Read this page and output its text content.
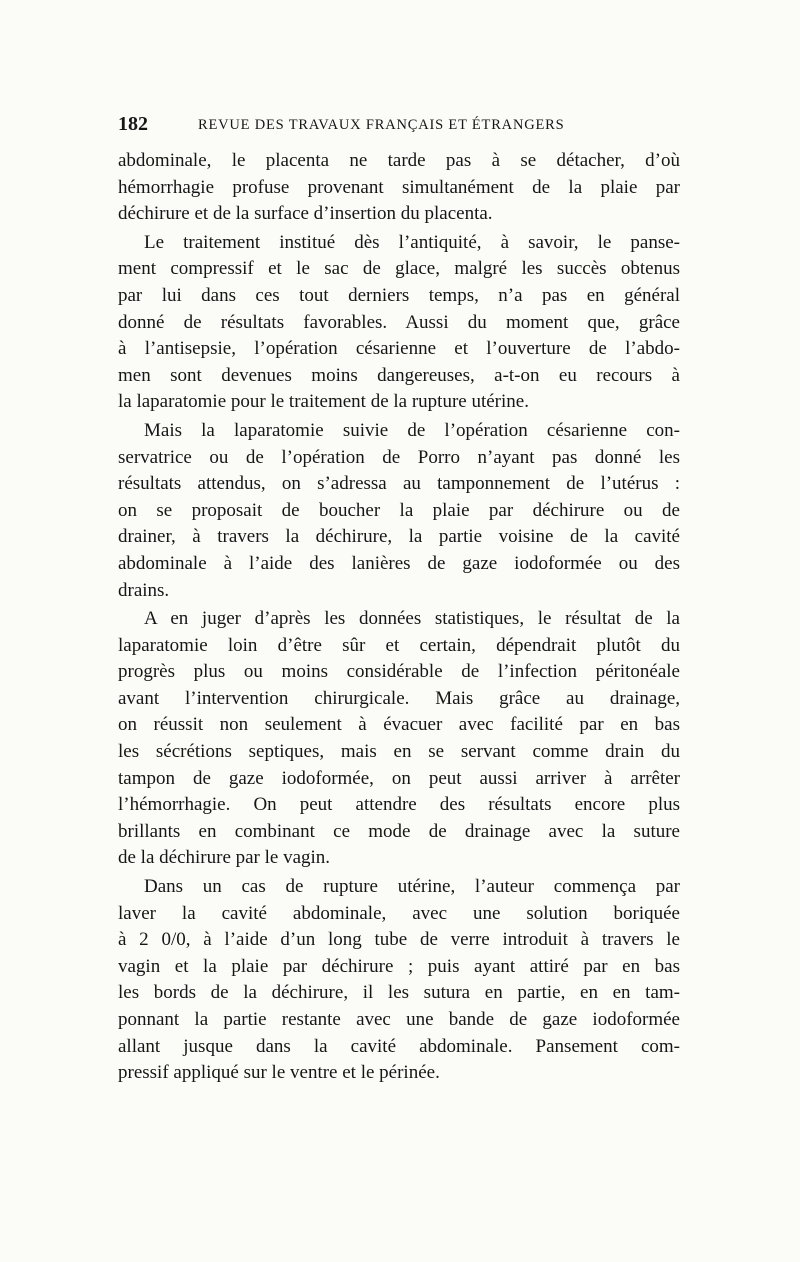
182	REVUE DES TRAVAUX FRANÇAIS ET ÉTRANGERS
abdominale, le placenta ne tarde pas à se détacher, d’où
hémorrhagie profuse provenant simultanément de la plaie par
déchirure et de la surface d’insertion du placenta.
Le traitement institué dès l’antiquité, à savoir, le panse-
ment compressif et le sac de glace, malgré les succès obtenus
par lui dans ces tout derniers temps, n’a pas en général
donné de résultats favorables. Aussi du moment que, grâce
à l’antisepsie, l’opération césarienne et l’ouverture de l’abdo-
men sont devenues moins dangereuses, a-t-on eu recours à
la laparatomie pour le traitement de la rupture utérine.
Mais la laparatomie suivie de l’opération césarienne con-
servatrice ou de l’opération de Porro n’ayant pas donné les
résultats attendus, on s’adressa au tamponnement de l’utérus :
on se proposait de boucher la plaie par déchirure ou de
drainer, à travers la déchirure, la partie voisine de la cavité
abdominale à l’aide des lanières de gaze iodoformée ou des
drains.
A en juger d’après les données statistiques, le résultat de la
laparatomie loin d’être sûr et certain, dépendrait plutôt du
progrès plus ou moins considérable de l’infection péritonéale
avant l’intervention chirurgicale. Mais grâce au drainage,
on réussit non seulement à évacuer avec facilité par en bas
les sécrétions septiques, mais en se servant comme drain du
tampon de gaze iodoformée, on peut aussi arriver à arrêter
l’hémorrhagie. On peut attendre des résultats encore plus
brillants en combinant ce mode de drainage avec la suture
de la déchirure par le vagin.
Dans un cas de rupture utérine, l’auteur commença par
laver la cavité abdominale, avec une solution boriquée
à 2 0/0, à l’aide d’un long tube de verre introduit à travers le
vagin et la plaie par déchirure ; puis ayant attiré par en bas
les bords de la déchirure, il les sutura en partie, en en tam-
ponnant la partie restante avec une bande de gaze iodoformée
allant jusque dans la cavité abdominale. Pansement com-
pressif appliqué sur le ventre et le périnée.
